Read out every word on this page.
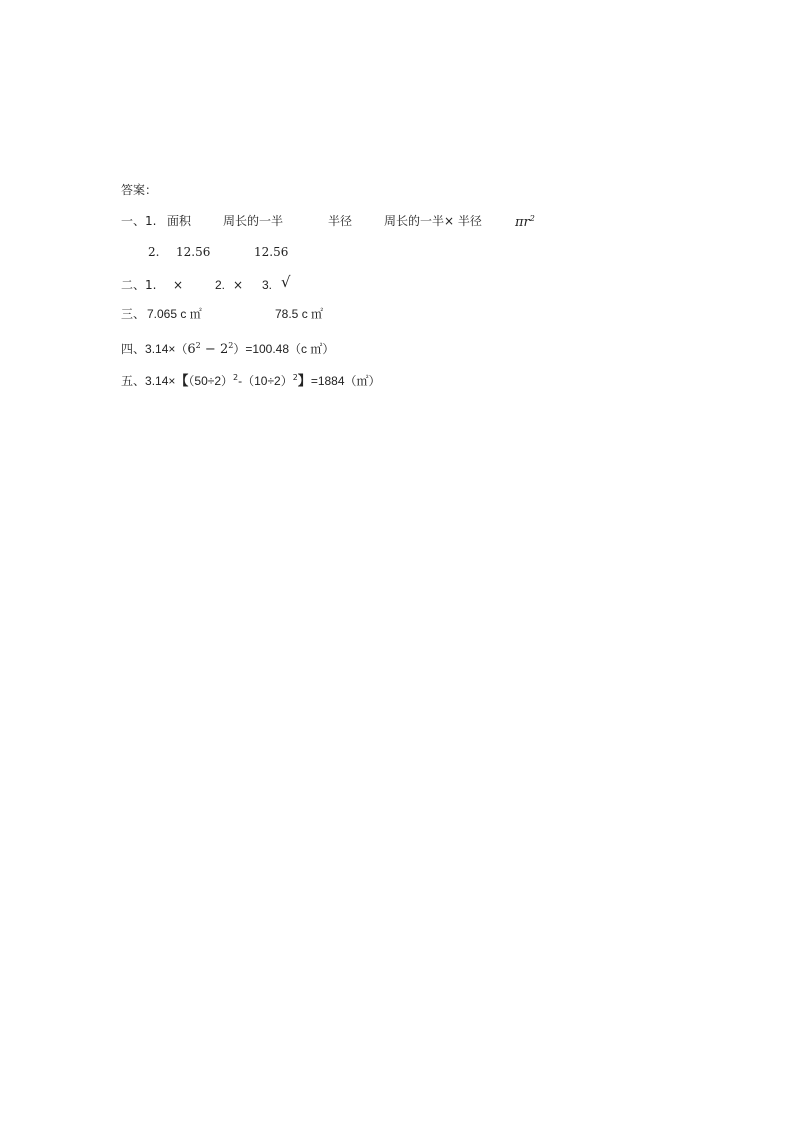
答案：
一、1. 面积	周长的一半	半径	周长的一半× 半径	$\pi r^2$
2. 12.56	12.56
二、1. ×	2. × 3. √
三、 7.065 c ㎡	78.5 c ㎡
四、$3.14\times(6^2 - 2^2)=100.48(c$ ㎡）
五、3.14×【$(50\div 2)^2-(10\div 2)^2$】=1884（㎡）
